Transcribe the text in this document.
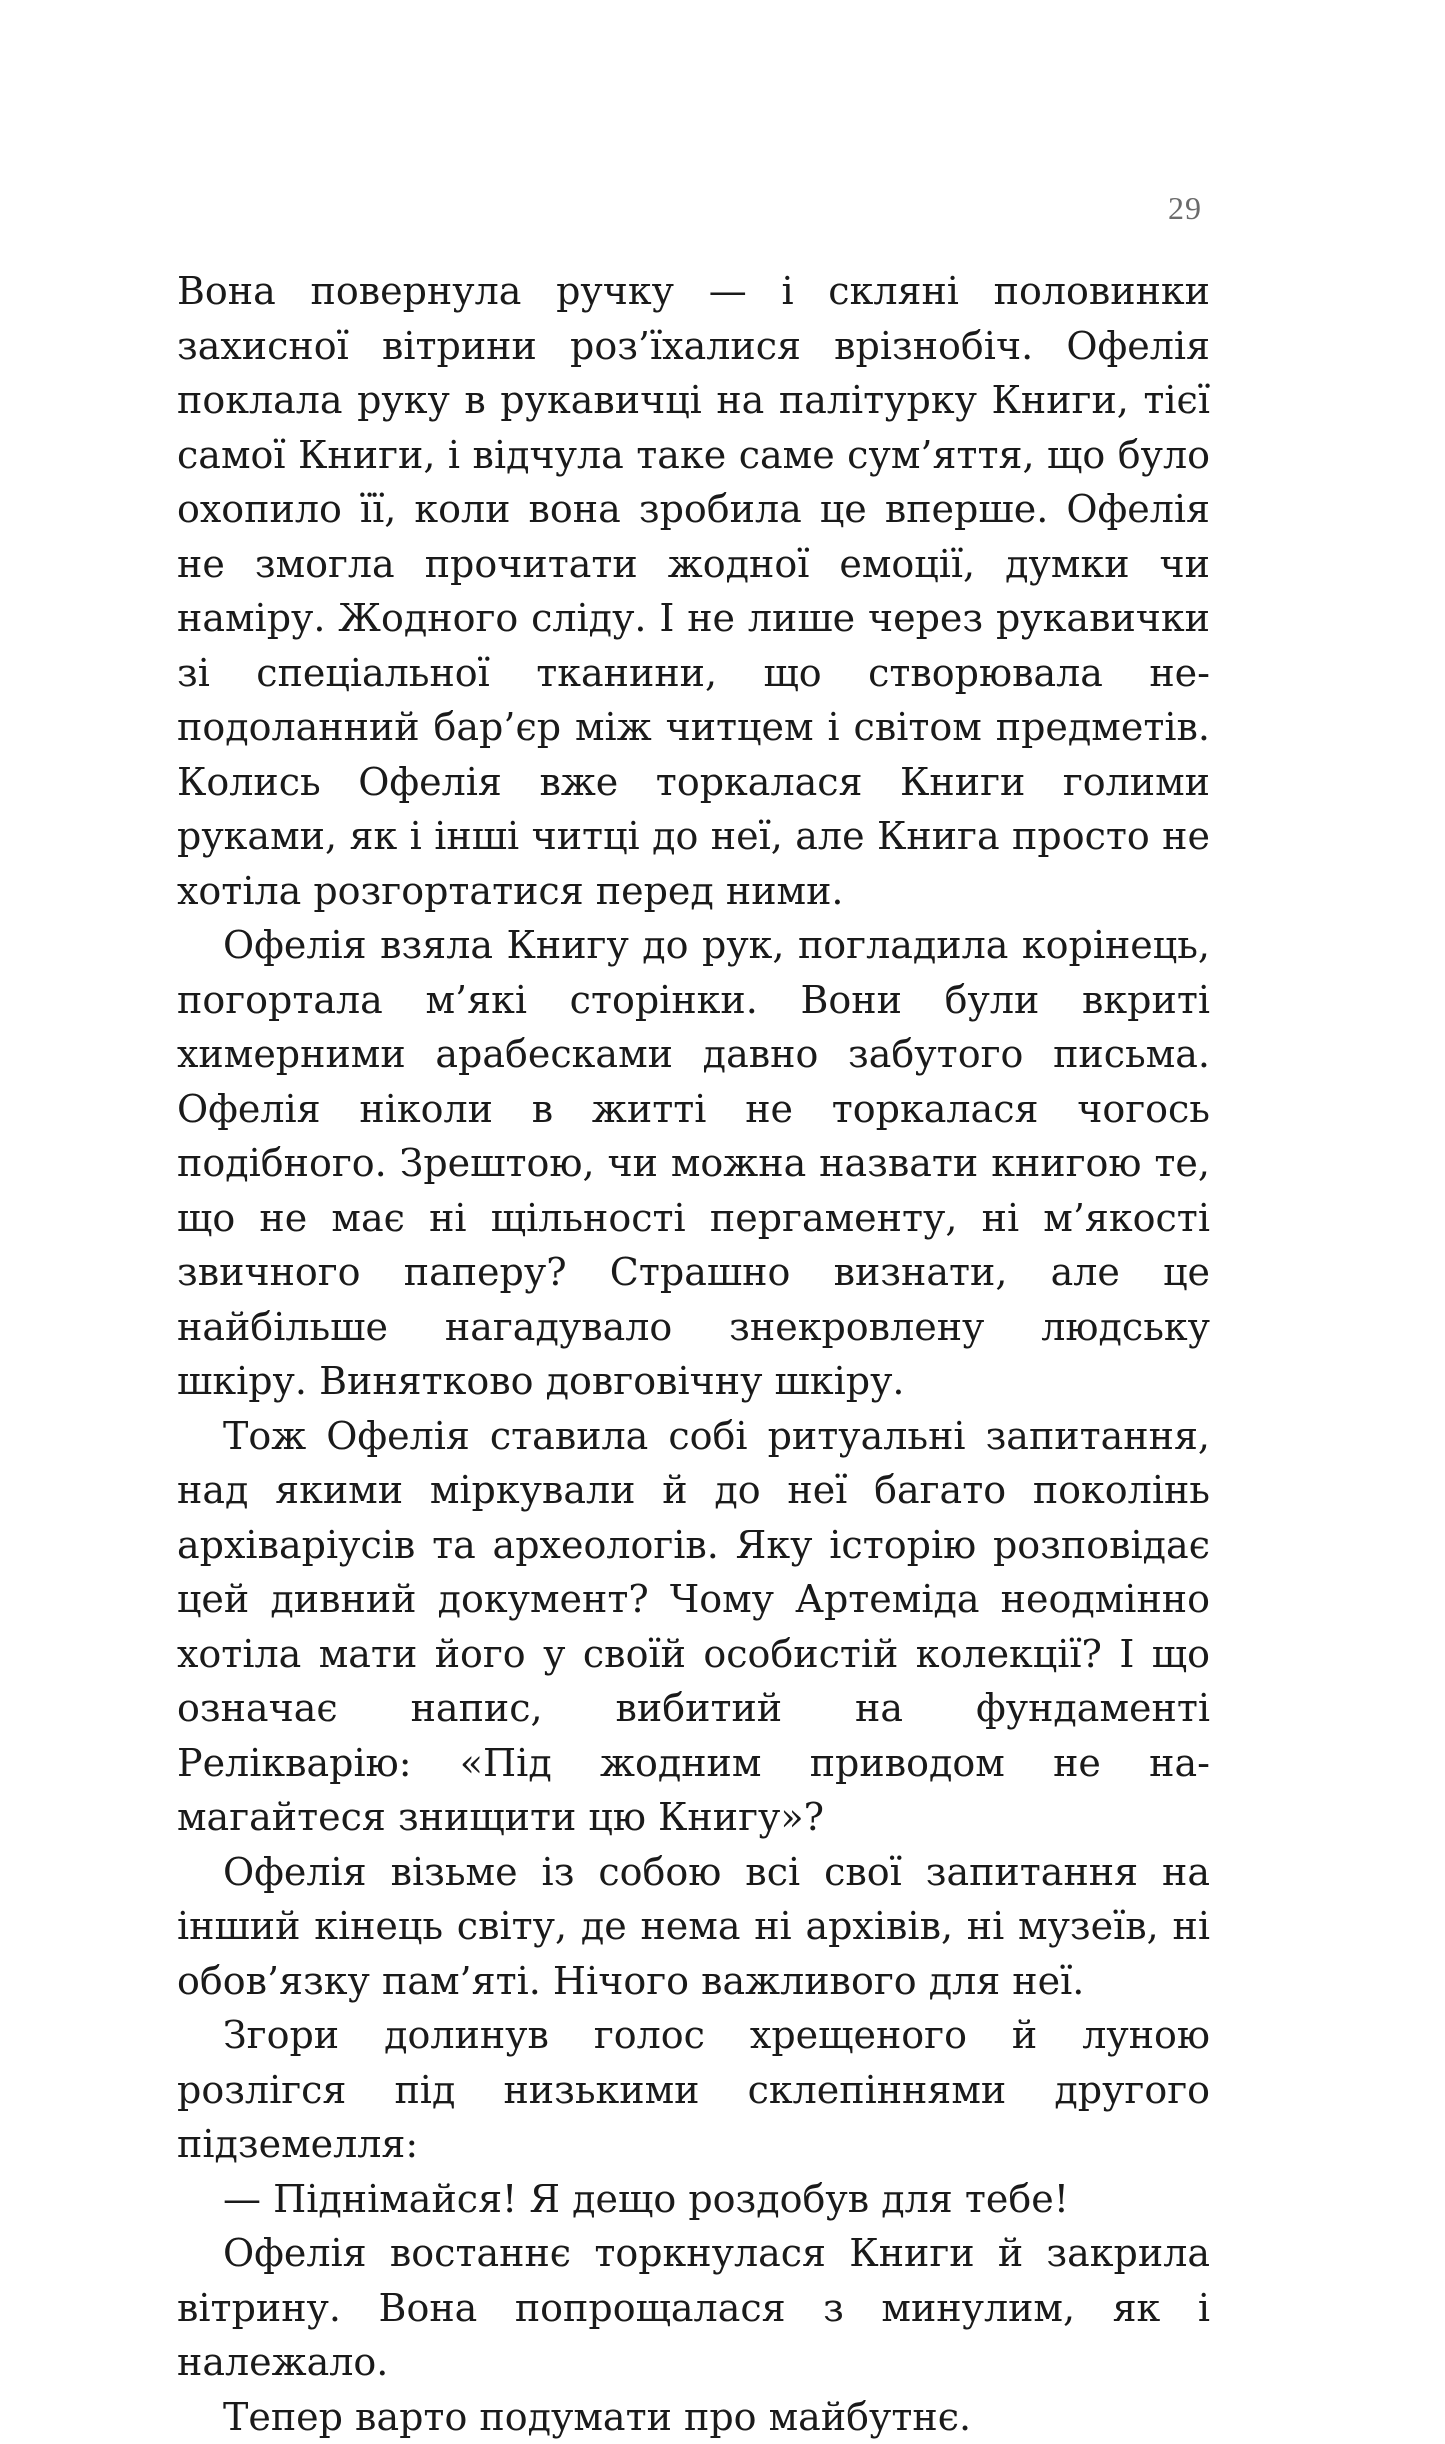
29

Вона повернула ручку — і скляні половинки захисної вітрини роз’їхалися врізнобіч. Офелія поклала руку в рукавичці на палітурку Книги, тієї самої Книги, і відчула таке саме сум’яття, що було охопило її, коли вона зробила це вперше. Офелія не змогла прочитати жодної емоції, думки чи наміру. Жодного сліду. І не лише через рукавички зі спеціальної тканини, що створювала неподоланний бар’єр між читцем і світом предметів. Колись Офелія вже торкалася Книги голими руками, як і інші читці до неї, але Книга просто не хотіла розгортатися перед ними.

Офелія взяла Книгу до рук, погладила корінець, погортала м’які сторінки. Вони були вкриті химерними арабесками давно забутого письма. Офелія ніколи в житті не торкалася чогось подібного. Зрештою, чи можна назвати книгою те, що не має ні щільності пергаменту, ні м’якості звичного паперу? Страшно визнати, але це найбільше нагадувало знекровлену людську шкіру. Винятково довговічну шкіру.

Тож Офелія ставила собі ритуальні запитання, над якими міркували й до неї багато поколінь архіваріусів та археологів. Яку історію розповідає цей дивний документ? Чому Артеміда неодмінно хотіла мати його у своїй особистій колекції? І що означає напис, вибитий на фундаменті Релікварію: «Під жодним приводом не намагайтеся знищити цю Книгу»?

Офелія візьме із собою всі свої запитання на інший кінець світу, де нема ні архівів, ні музеїв, ні обов’язку пам’яті. Нічого важливого для неї.

Згори долинув голос хрещеного й луною розлігся під низькими склепіннями другого підземелля:

— Піднімайся! Я дещо роздобув для тебе!

Офелія востаннє торкнулася Книги й закрила вітрину. Вона попрощалася з минулим, як і належало.

Тепер варто подумати про майбутнє.
